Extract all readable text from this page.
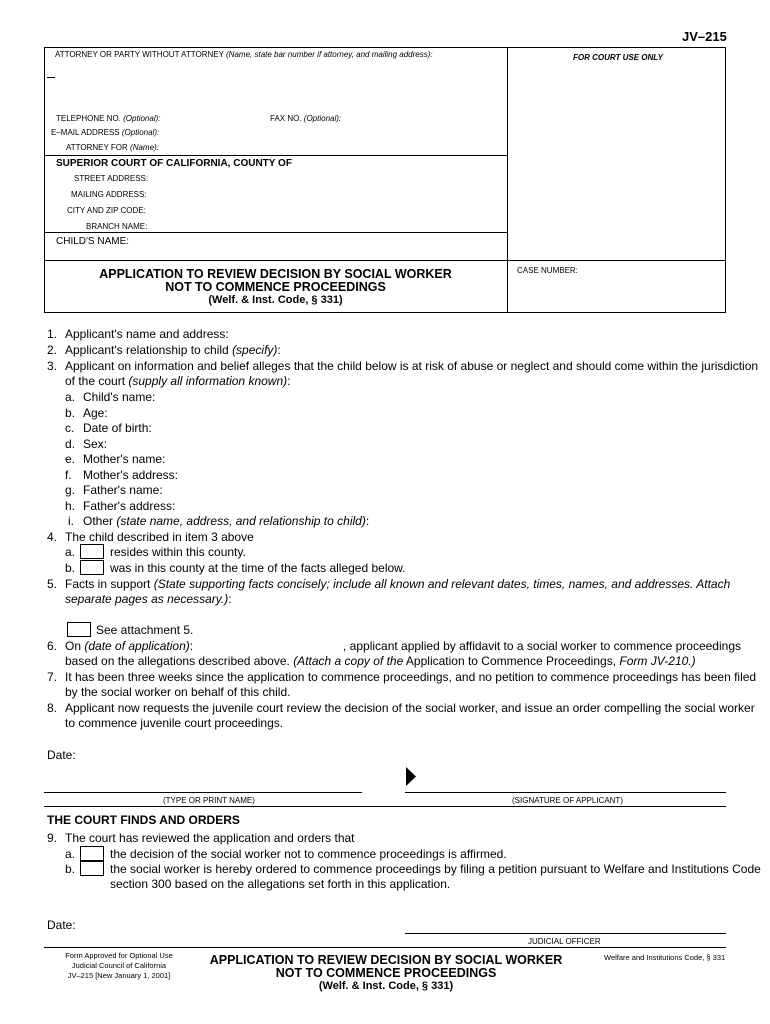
JV–215
ATTORNEY OR PARTY WITHOUT ATTORNEY (Name, state bar number if attorney, and mailing address):	FOR COURT USE ONLY
TELEPHONE NO. (Optional):	FAX NO. (Optional):
E–MAIL ADDRESS (Optional):
ATTORNEY FOR (Name):
SUPERIOR COURT OF CALIFORNIA, COUNTY OF
STREET ADDRESS:
MAILING ADDRESS:
CITY AND ZIP CODE:
BRANCH NAME:
CHILD'S NAME:
APPLICATION TO REVIEW DECISION BY SOCIAL WORKER
NOT TO COMMENCE PROCEEDINGS
(Welf. & Inst. Code, § 331)
CASE NUMBER:
1. Applicant's name and address:
2. Applicant's relationship to child (specify):
3. Applicant on information and belief alleges that the child below is at risk of abuse or neglect and should come within the jurisdiction
of the court (supply all information known):
a. Child's name:
b. Age:
c. Date of birth:
d. Sex:
e. Mother's name:
f. Mother's address:
g. Father's name:
h. Father's address:
i. Other (state name, address, and relationship to child):
4. The child described in item 3 above
a.	resides within this county.
b.	was in this county at the time of the facts alleged below.
5. Facts in support (State supporting facts concisely; include all known and relevant dates, times, names, and addresses. Attach
separate pages as necessary.):
See attachment 5.
6. On (date of application):	, applicant applied by affidavit to a social worker to commence proceedings
based on the allegations described above. (Attach a copy of the Application to Commence Proceedings, Form JV-210.)
7. It has been three weeks since the application to commence proceedings, and no petition to commence proceedings has been filed
by the social worker on behalf of this child.
8. Applicant now requests the juvenile court review the decision of the social worker, and issue an order compelling the social worker
to commence juvenile court proceedings.
Date:
(TYPE OR PRINT NAME)	(SIGNATURE OF APPLICANT)
THE COURT FINDS AND ORDERS
9. The court has reviewed the application and orders that
a.	the decision of the social worker not to commence proceedings is affirmed.
b.	the social worker is hereby ordered to commence proceedings by filing a petition pursuant to Welfare and Institutions Code
section 300 based on the allegations set forth in this application.
Date:
JUDICIAL OFFICER
Form Approved for Optional Use
Judicial Council of California
JV–215 [New January 1, 2001]
APPLICATION TO REVIEW DECISION BY SOCIAL WORKER
NOT TO COMMENCE PROCEEDINGS
(Welf. & Inst. Code, § 331)
Welfare and Institutions Code, § 331
